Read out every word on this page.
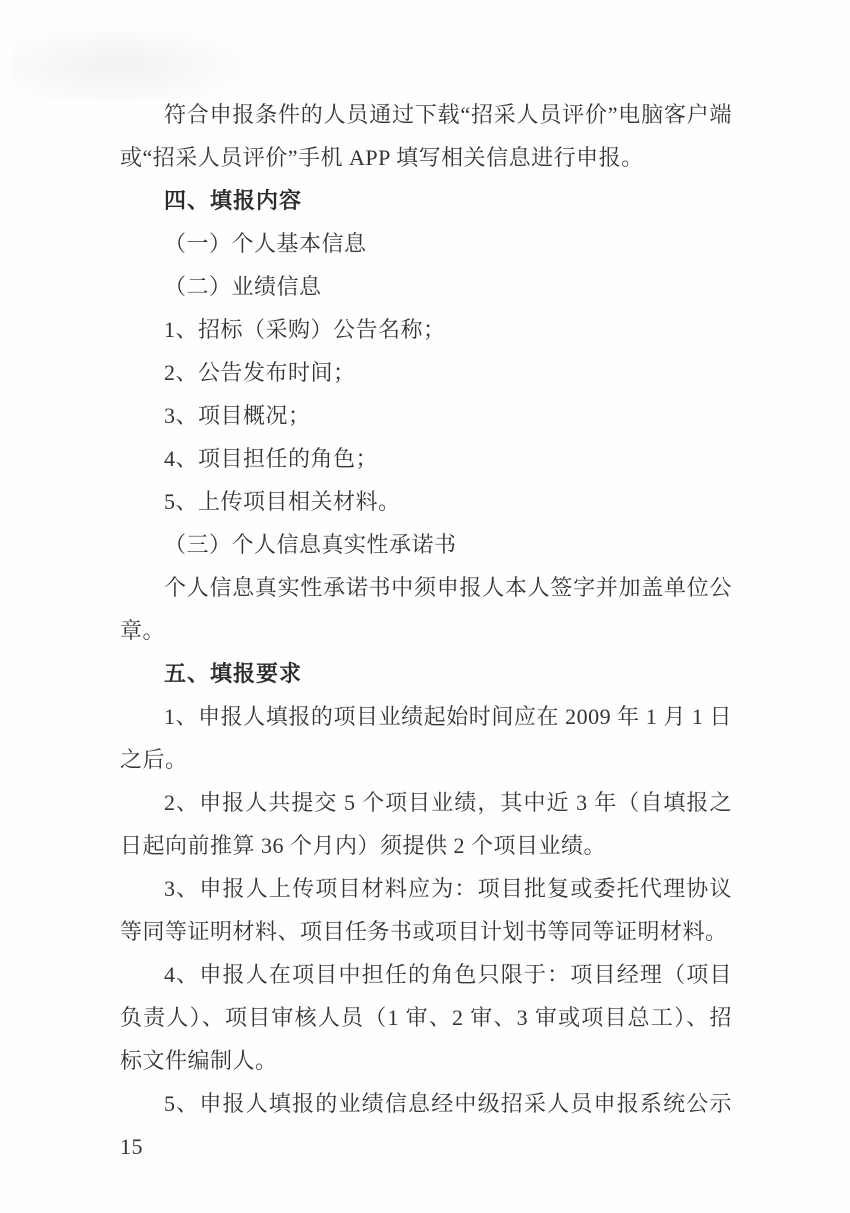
符合申报条件的人员通过下载“招采人员评价”电脑客户端或“招采人员评价”手机 APP 填写相关信息进行申报。

四、填报内容

（一）个人基本信息

（二）业绩信息

1、招标（采购）公告名称；

2、公告发布时间；

3、项目概况；

4、项目担任的角色；

5、上传项目相关材料。

（三）个人信息真实性承诺书

个人信息真实性承诺书中须申报人本人签字并加盖单位公章。

五、填报要求

1、申报人填报的项目业绩起始时间应在 2009 年 1 月 1 日之后。

2、申报人共提交 5 个项目业绩，其中近 3 年（自填报之日起向前推算 36 个月内）须提供 2 个项目业绩。

3、申报人上传项目材料应为：项目批复或委托代理协议等同等证明材料、项目任务书或项目计划书等同等证明材料。

4、申报人在项目中担任的角色只限于：项目经理（项目负责人）、项目审核人员（1 审、2 审、3 审或项目总工）、招标文件编制人。

5、申报人填报的业绩信息经中级招采人员申报系统公示 15
